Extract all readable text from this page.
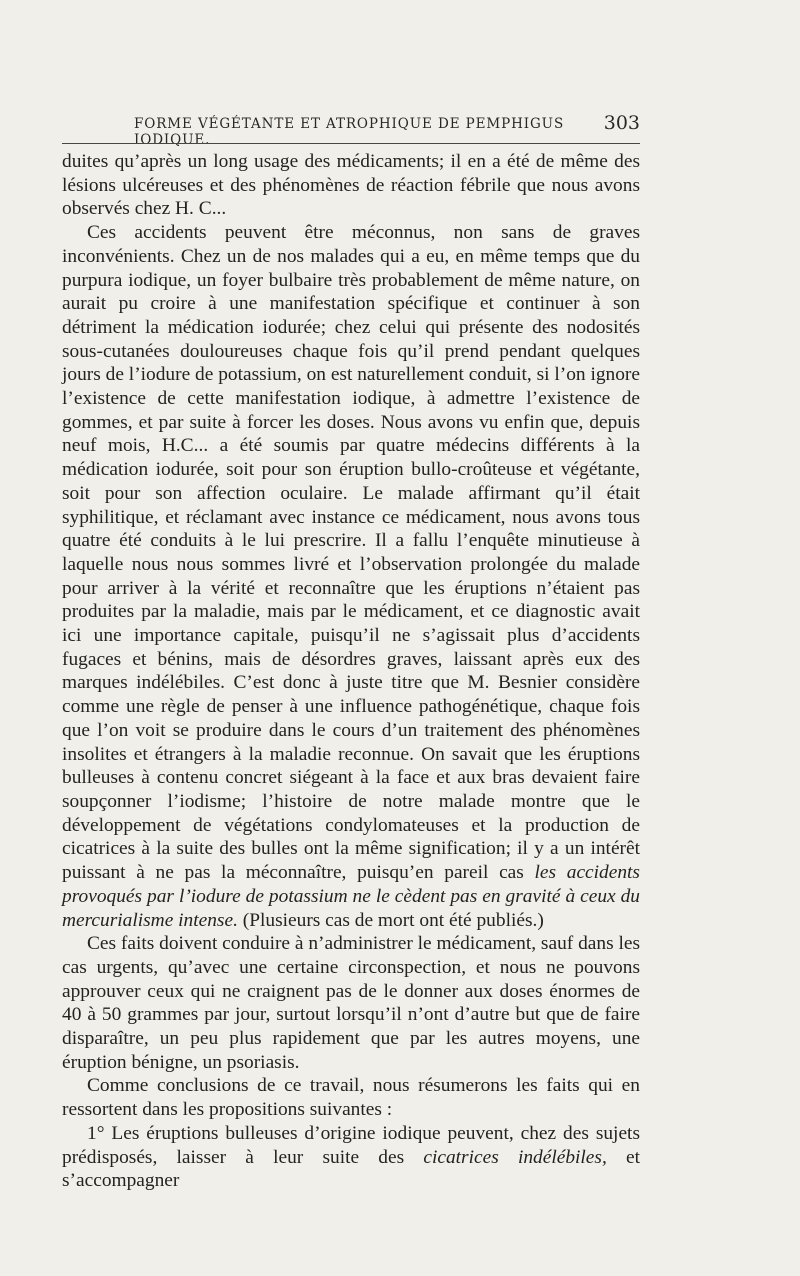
FORME VÉGÉTANTE ET ATROPHIQUE DE PEMPHIGUS IODIQUE.
303

duites qu’après un long usage des médicaments; il en a été de même des lésions ulcéreuses et des phénomènes de réaction fébrile que nous avons observés chez H. C...

Ces accidents peuvent être méconnus, non sans de graves inconvénients. Chez un de nos malades qui a eu, en même temps que du purpura iodique, un foyer bulbaire très probablement de même nature, on aurait pu croire à une manifestation spécifique et continuer à son détriment la médication iodurée; chez celui qui présente des nodosités sous-cutanées douloureuses chaque fois qu’il prend pendant quelques jours de l’iodure de potassium, on est naturellement conduit, si l’on ignore l’existence de cette manifestation iodique, à admettre l’existence de gommes, et par suite à forcer les doses. Nous avons vu enfin que, depuis neuf mois, H.C... a été soumis par quatre médecins différents à la médication iodurée, soit pour son éruption bullo-croûteuse et végétante, soit pour son affection oculaire. Le malade affirmant qu’il était syphilitique, et réclamant avec instance ce médicament, nous avons tous quatre été conduits à le lui prescrire. Il a fallu l’enquête minutieuse à laquelle nous nous sommes livré et l’observation prolongée du malade pour arriver à la vérité et reconnaître que les éruptions n’étaient pas produites par la maladie, mais par le médicament, et ce diagnostic avait ici une importance capitale, puisqu’il ne s’agissait plus d’accidents fugaces et bénins, mais de désordres graves, laissant après eux des marques indélébiles. C’est donc à juste titre que M. Besnier considère comme une règle de penser à une influence pathogénétique, chaque fois que l’on voit se produire dans le cours d’un traitement des phénomènes insolites et étrangers à la maladie reconnue. On savait que les éruptions bulleuses à contenu concret siégeant à la face et aux bras devaient faire soupçonner l’iodisme; l’histoire de notre malade montre que le développement de végétations condylomateuses et la production de cicatrices à la suite des bulles ont la même signification; il y a un intérêt puissant à ne pas la méconnaître, puisqu’en pareil cas les accidents provoqués par l’iodure de potassium ne le cèdent pas en gravité à ceux du mercurialisme intense. (Plusieurs cas de mort ont été publiés.)

Ces faits doivent conduire à n’administrer le médicament, sauf dans les cas urgents, qu’avec une certaine circonspection, et nous ne pouvons approuver ceux qui ne craignent pas de le donner aux doses énormes de 40 à 50 grammes par jour, surtout lorsqu’il n’ont d’autre but que de faire disparaître, un peu plus rapidement que par les autres moyens, une éruption bénigne, un psoriasis.

Comme conclusions de ce travail, nous résumerons les faits qui en ressortent dans les propositions suivantes :

1° Les éruptions bulleuses d’origine iodique peuvent, chez des sujets prédisposés, laisser à leur suite des cicatrices indélébiles, et s’accompagner
